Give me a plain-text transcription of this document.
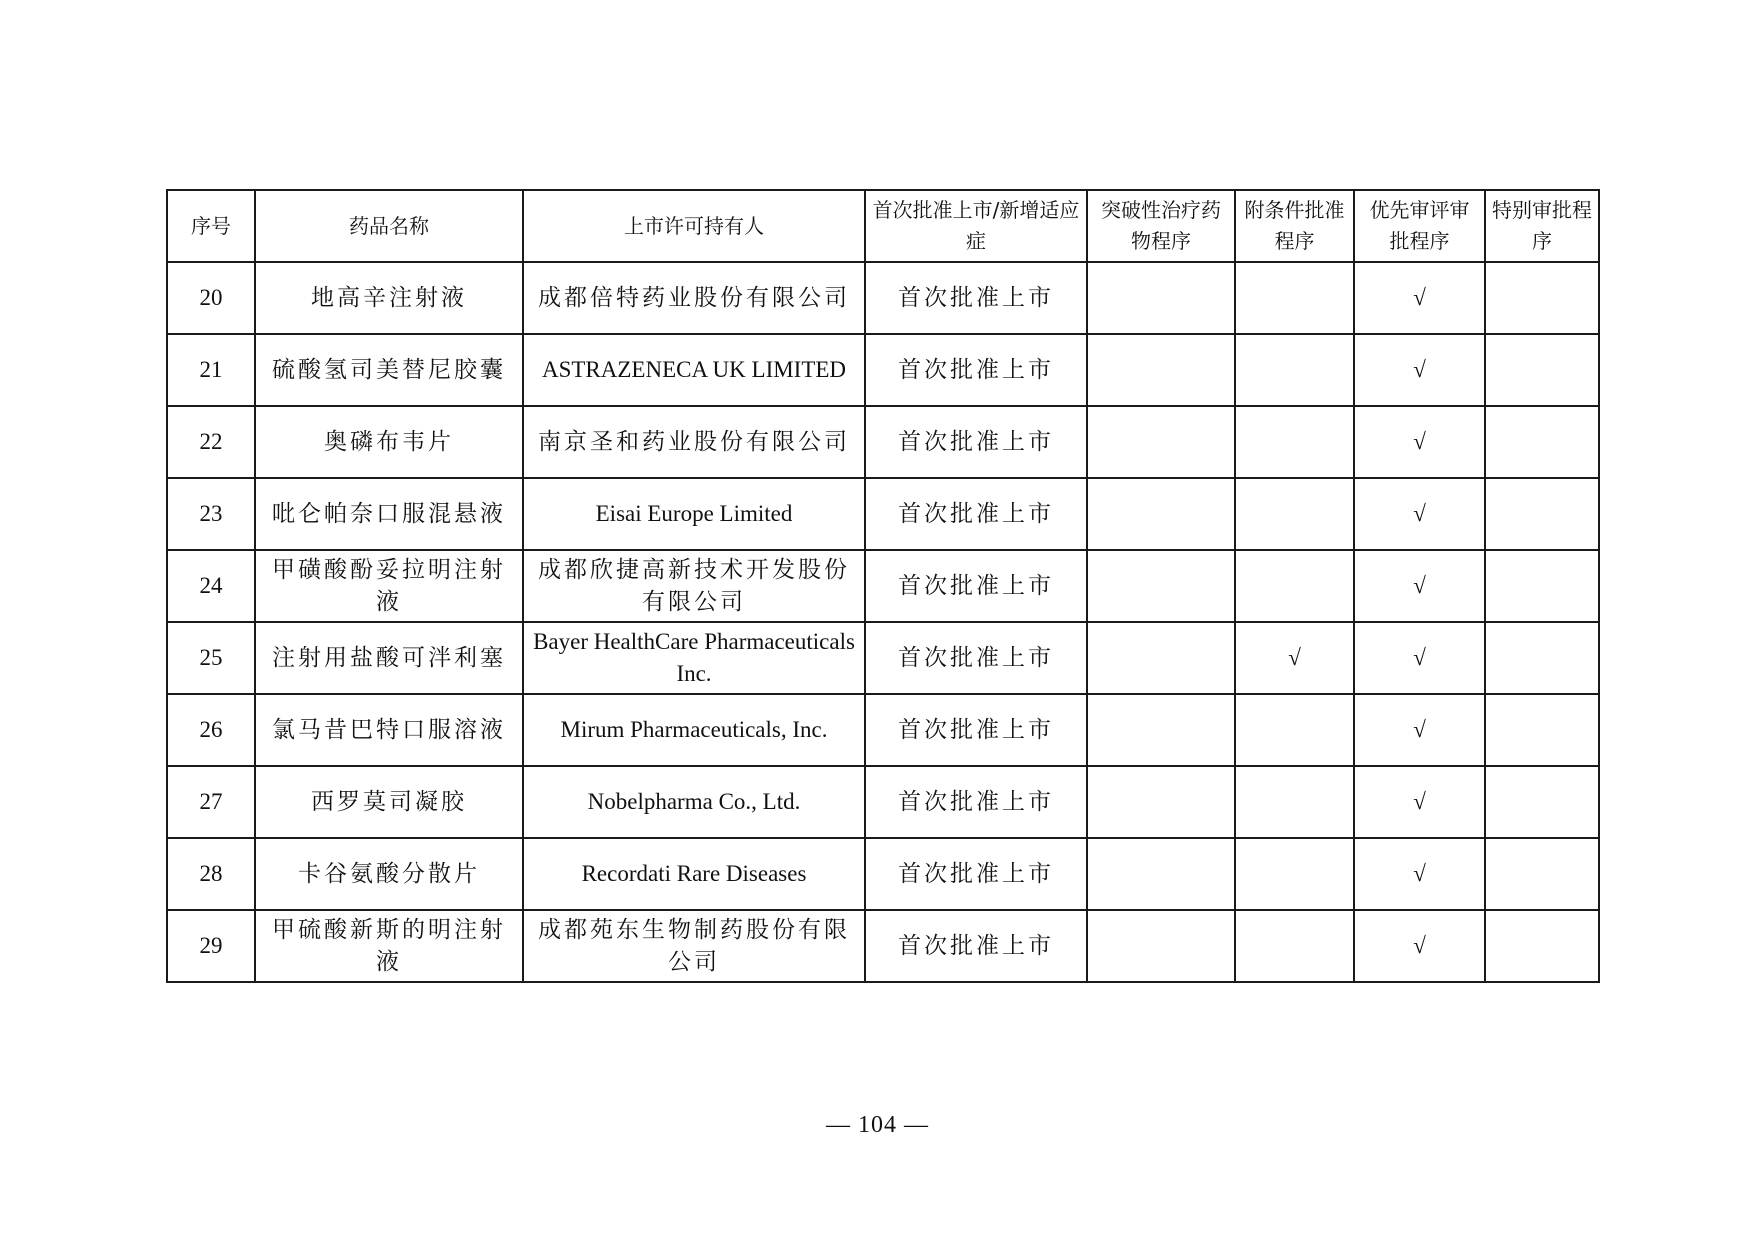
序号	药品名称	上市许可持有人	首次批准上市/新增适应症	突破性治疗药物程序	附条件批准程序	优先审评审批程序	特别审批程序
20	地高辛注射液	成都倍特药业股份有限公司	首次批准上市			√	
21	硫酸氢司美替尼胶囊	ASTRAZENECA UK LIMITED	首次批准上市			√	
22	奥磷布韦片	南京圣和药业股份有限公司	首次批准上市			√	
23	吡仑帕奈口服混悬液	Eisai Europe Limited	首次批准上市			√	
24	甲磺酸酚妥拉明注射液	成都欣捷高新技术开发股份有限公司	首次批准上市			√	
25	注射用盐酸可泮利塞	Bayer HealthCare Pharmaceuticals Inc.	首次批准上市		√	√	
26	氯马昔巴特口服溶液	Mirum Pharmaceuticals, Inc.	首次批准上市			√	
27	西罗莫司凝胶	Nobelpharma Co., Ltd.	首次批准上市			√	
28	卡谷氨酸分散片	Recordati Rare Diseases	首次批准上市			√	
29	甲硫酸新斯的明注射液	成都苑东生物制药股份有限公司	首次批准上市			√	
— 104 —
